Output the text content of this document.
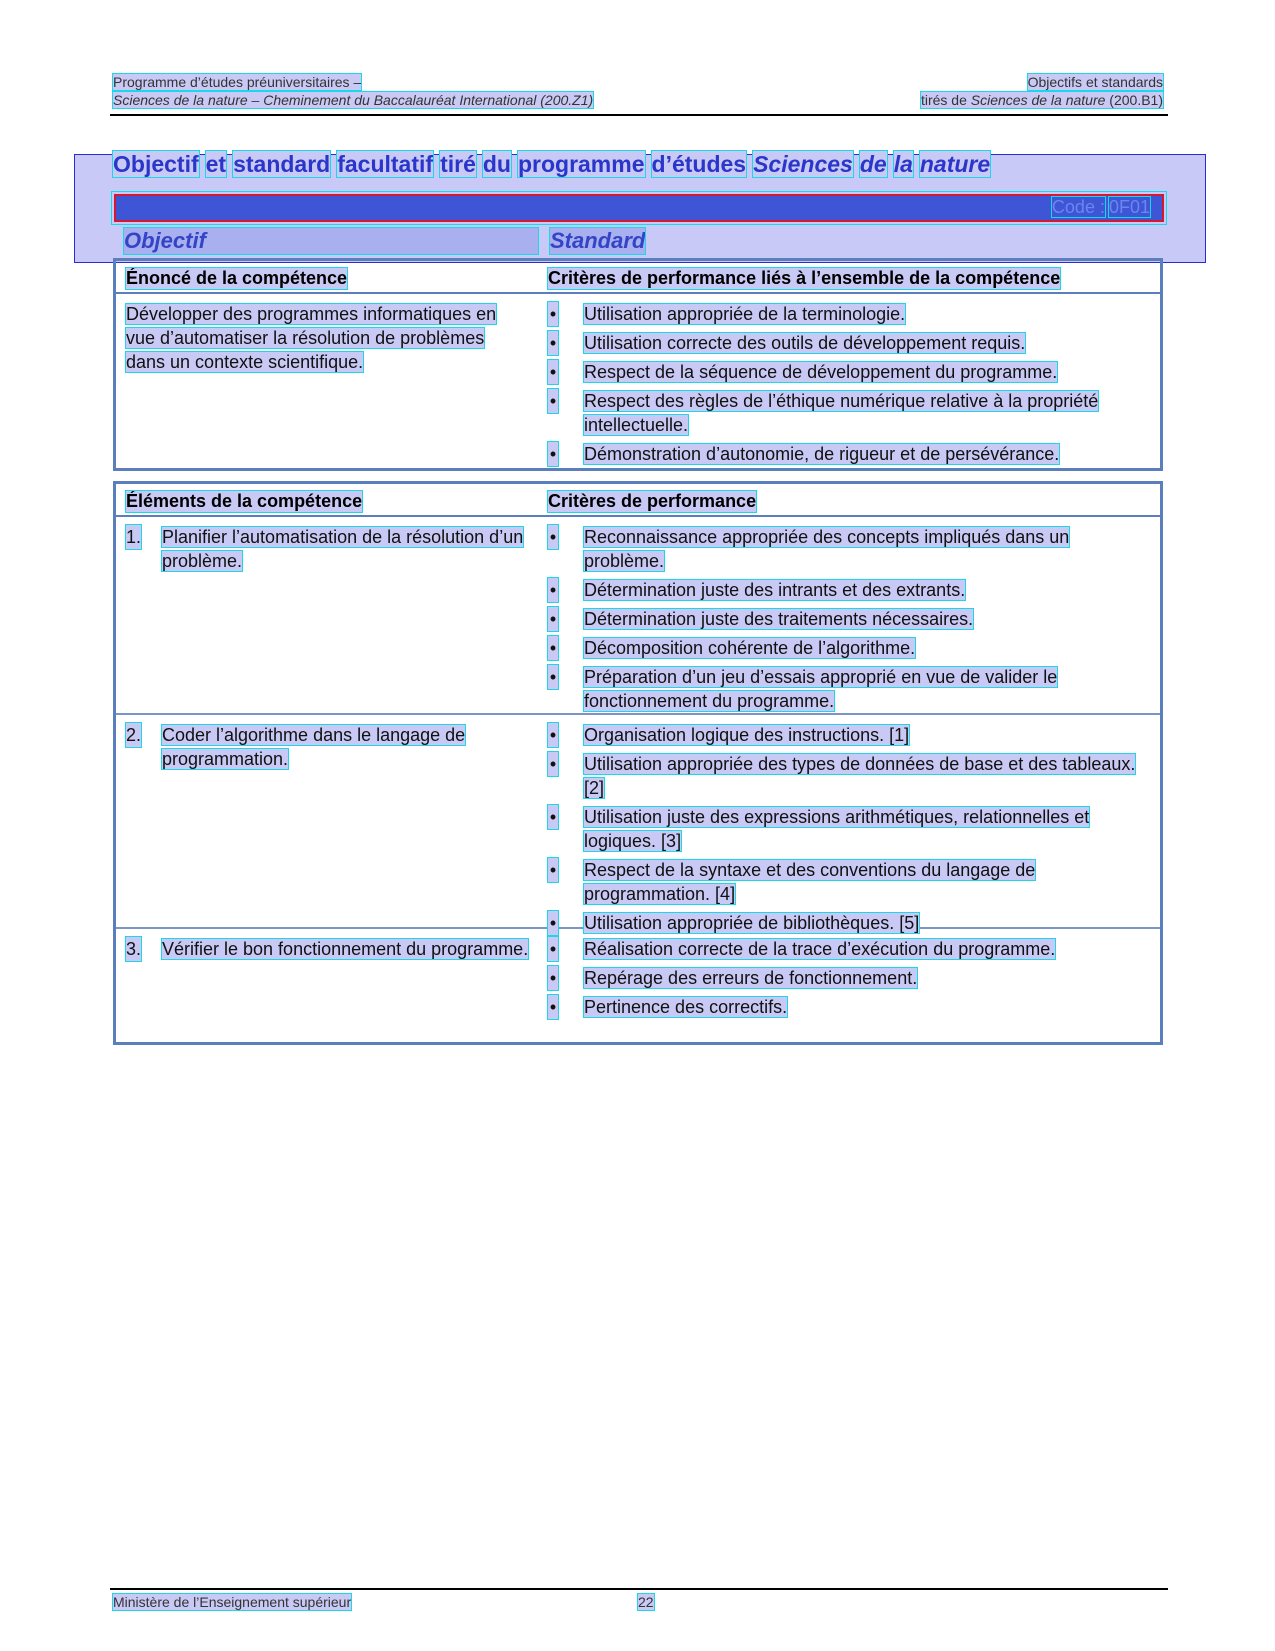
Programme d’études préuniversitaires –	Objectifs et standards
Sciences de la nature – Cheminement du Baccalauréat International (200.Z1)	tirés de Sciences de la nature (200.B1)
Objectif et standard facultatif tiré du programme d’études Sciences de la nature
Code : 0F01
Objectif	Standard
Énoncé de la compétence	Critères de performance liés à l’ensemble de la compétence
Développer des programmes informatiques en vue d’automatiser la résolution de problèmes dans un contexte scientifique.
• Utilisation appropriée de la terminologie.
• Utilisation correcte des outils de développement requis.
• Respect de la séquence de développement du programme.
• Respect des règles de l’éthique numérique relative à la propriété intellectuelle.
• Démonstration d’autonomie, de rigueur et de persévérance.
Éléments de la compétence	Critères de performance
1. Planifier l’automatisation de la résolution d’un problème.
• Reconnaissance appropriée des concepts impliqués dans un problème.
• Détermination juste des intrants et des extrants.
• Détermination juste des traitements nécessaires.
• Décomposition cohérente de l’algorithme.
• Préparation d’un jeu d’essais approprié en vue de valider le fonctionnement du programme.
2. Coder l’algorithme dans le langage de programmation.
• Organisation logique des instructions. [1]
• Utilisation appropriée des types de données de base et des tableaux. [2]
• Utilisation juste des expressions arithmétiques, relationnelles et logiques. [3]
• Respect de la syntaxe et des conventions du langage de programmation. [4]
• Utilisation appropriée de bibliothèques. [5]
3. Vérifier le bon fonctionnement du programme.	• Réalisation correcte de la trace d’exécution du programme.
• Repérage des erreurs de fonctionnement.
• Pertinence des correctifs.
Ministère de l’Enseignement supérieur	22
